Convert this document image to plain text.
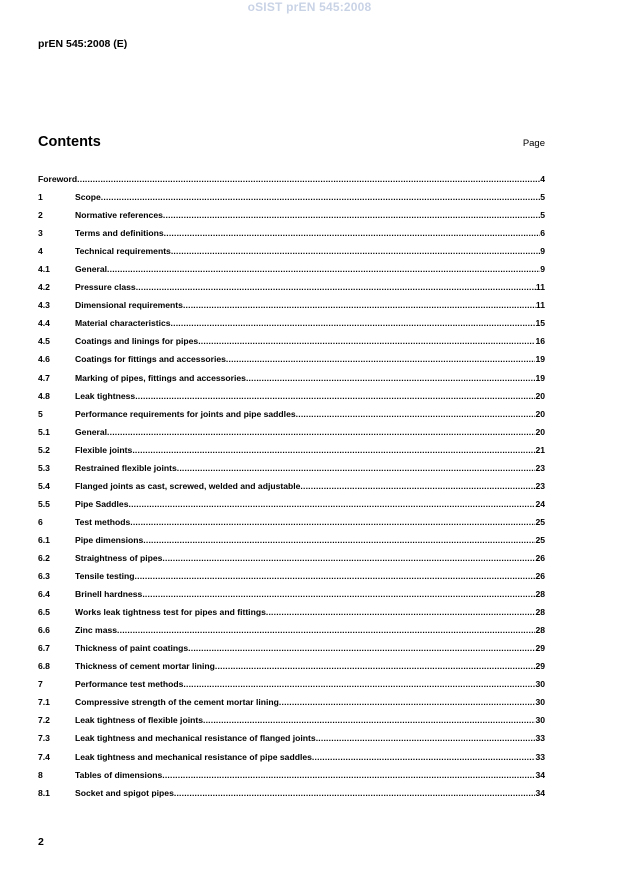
oSIST prEN 545:2008
prEN 545:2008 (E)
Contents	Page
Foreword .....	4
1	Scope .....	5
2	Normative references .....	5
3	Terms and definitions .....	6
4	Technical requirements .....	9
4.1	General .....	9
4.2	Pressure class .....	11
4.3	Dimensional requirements .....	11
4.4	Material characteristics .....	15
4.5	Coatings and linings for pipes .....	16
4.6	Coatings for fittings and accessories .....	19
4.7	Marking of pipes, fittings and accessories .....	19
4.8	Leak tightness .....	20
5	Performance requirements for joints and pipe saddles .....	20
5.1	General .....	20
5.2	Flexible joints .....	21
5.3	Restrained flexible joints .....	23
5.4	Flanged joints as cast, screwed, welded and adjustable .....	23
5.5	Pipe Saddles .....	24
6	Test methods .....	25
6.1	Pipe dimensions .....	25
6.2	Straightness of pipes .....	26
6.3	Tensile testing .....	26
6.4	Brinell hardness .....	28
6.5	Works leak tightness test for pipes and fittings .....	28
6.6	Zinc mass .....	28
6.7	Thickness of paint coatings .....	29
6.8	Thickness of cement mortar lining .....	29
7	Performance test methods .....	30
7.1	Compressive strength of the cement mortar lining .....	30
7.2	Leak tightness of flexible joints .....	30
7.3	Leak tightness and mechanical resistance of flanged joints .....	33
7.4	Leak tightness and mechanical resistance of pipe saddles .....	33
8	Tables of dimensions .....	34
8.1	Socket and spigot pipes .....	34
2
